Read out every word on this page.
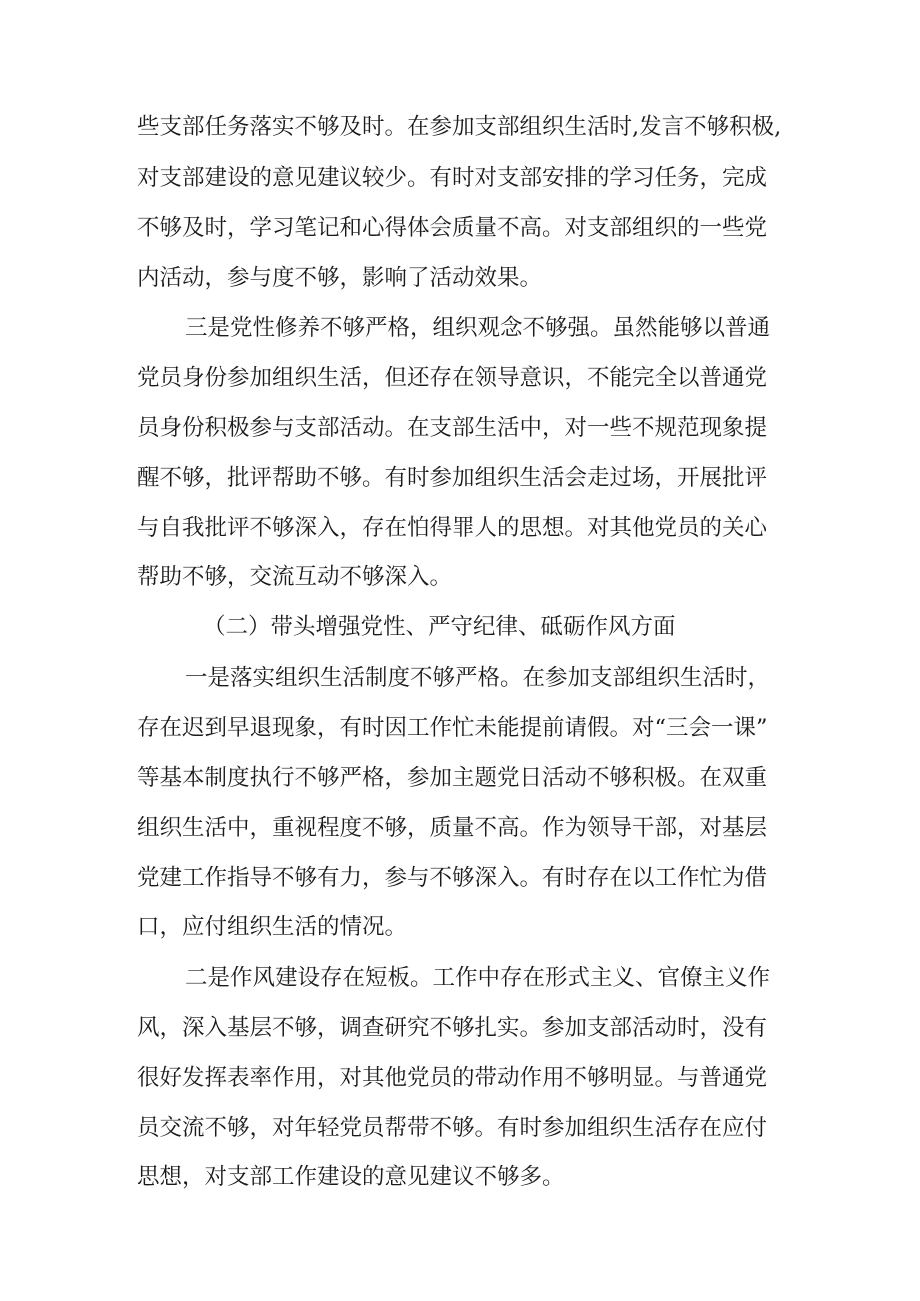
些支部任务落实不够及时。在参加支部组织生活时,发言不够积极,
对支部建设的意见建议较少。有时对支部安排的学习任务，完成
不够及时，学习笔记和心得体会质量不高。对支部组织的一些党
内活动，参与度不够，影响了活动效果。
三是党性修养不够严格，组织观念不够强。虽然能够以普通
党员身份参加组织生活，但还存在领导意识，不能完全以普通党
员身份积极参与支部活动。在支部生活中，对一些不规范现象提
醒不够，批评帮助不够。有时参加组织生活会走过场，开展批评
与自我批评不够深入，存在怕得罪人的思想。对其他党员的关心
帮助不够，交流互动不够深入。
（二）带头增强党性、严守纪律、砥砺作风方面
一是落实组织生活制度不够严格。在参加支部组织生活时，
存在迟到早退现象，有时因工作忙未能提前请假。对“三会一课”
等基本制度执行不够严格，参加主题党日活动不够积极。在双重
组织生活中，重视程度不够，质量不高。作为领导干部，对基层
党建工作指导不够有力，参与不够深入。有时存在以工作忙为借
口，应付组织生活的情况。
二是作风建设存在短板。工作中存在形式主义、官僚主义作
风，深入基层不够，调查研究不够扎实。参加支部活动时，没有
很好发挥表率作用，对其他党员的带动作用不够明显。与普通党
员交流不够，对年轻党员帮带不够。有时参加组织生活存在应付
思想，对支部工作建设的意见建议不够多。
